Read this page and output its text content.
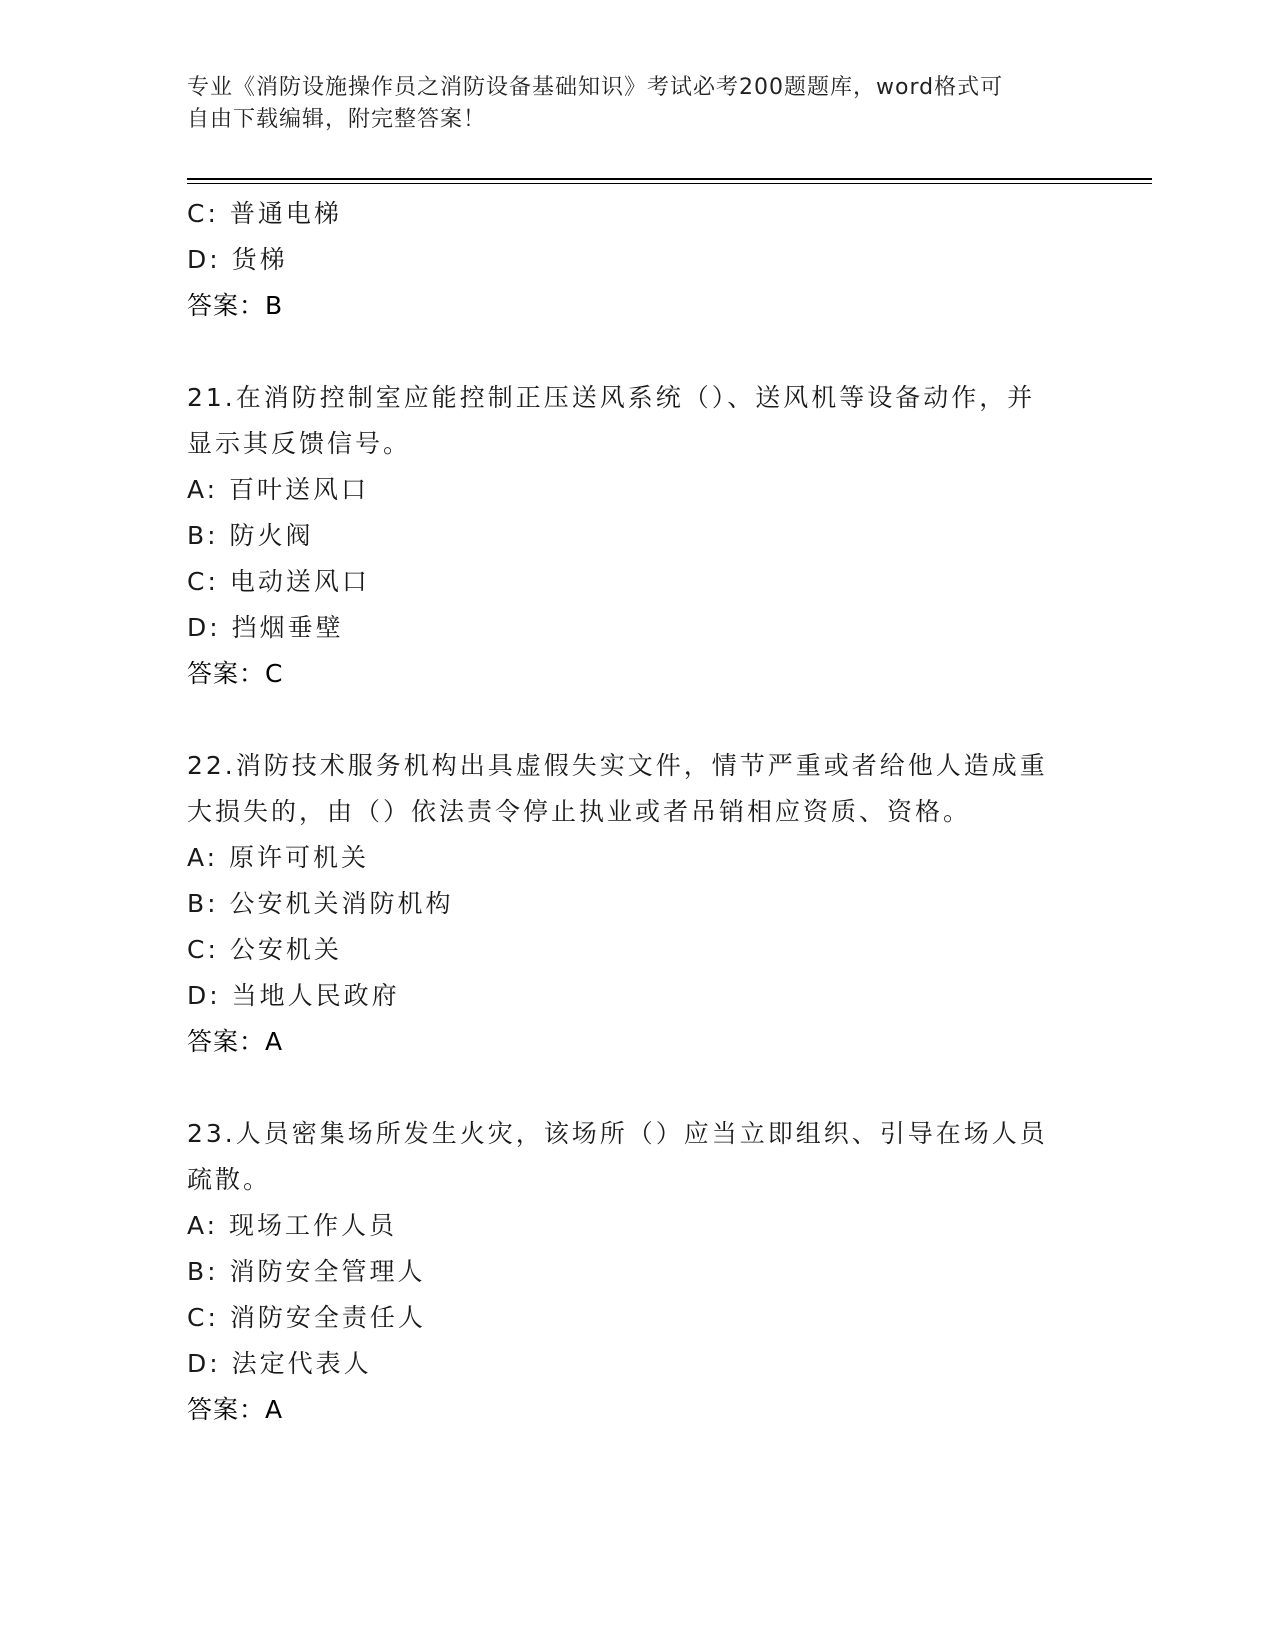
专业《消防设施操作员之消防设备基础知识》考试必考200题题库，word格式可
自由下载编辑，附完整答案！
C: 普通电梯
D: 货梯
答案：B
21.在消防控制室应能控制正压送风系统（）、送风机等设备动作，并
显示其反馈信号。
A: 百叶送风口
B: 防火阀
C: 电动送风口
D: 挡烟垂壁
答案：C
22.消防技术服务机构出具虚假失实文件，情节严重或者给他人造成重
大损失的，由（）依法责令停止执业或者吊销相应资质、资格。
A: 原许可机关
B: 公安机关消防机构
C: 公安机关
D: 当地人民政府
答案：A
23.人员密集场所发生火灾，该场所（）应当立即组织、引导在场人员
疏散。
A: 现场工作人员
B: 消防安全管理人
C: 消防安全责任人
D: 法定代表人
答案：A
